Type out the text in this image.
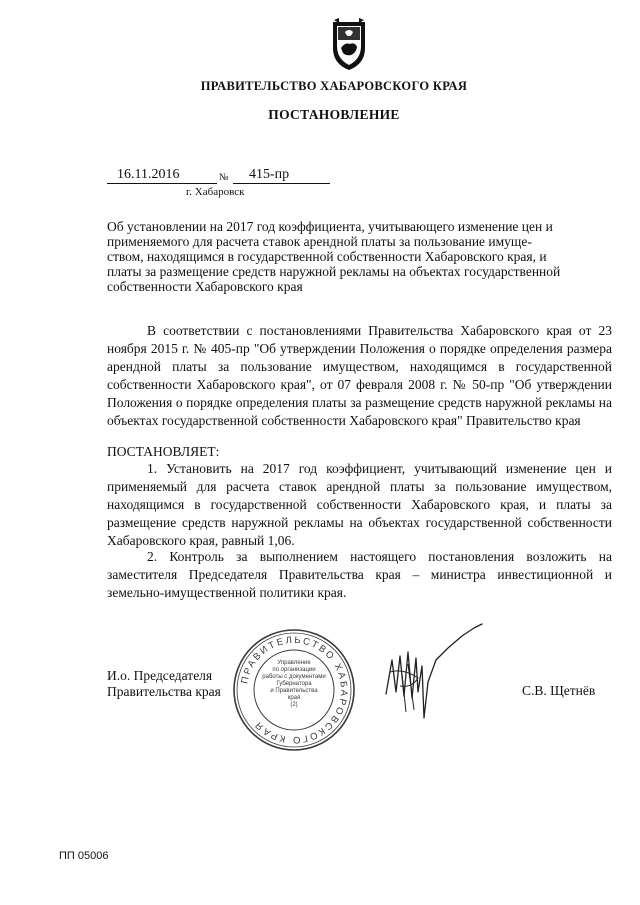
ПРАВИТЕЛЬСТВО ХАБАРОВСКОГО КРАЯ
ПОСТАНОВЛЕНИЕ
16.11.2016	№	415-пр
г. Хабаровск
Об установлении на 2017 год коэффициента, учитывающего изменение цен и
применяемого для расчета ставок арендной платы за пользование имуще-
ством, находящимся в государственной собственности Хабаровского края, и
платы за размещение средств наружной рекламы на объектах государственной
собственности Хабаровского края
В соответствии с постановлениями Правительства Хабаровского края от 23 ноября 2015 г. № 405-пр "Об утверждении Положения о порядке определения размера арендной платы за пользование имуществом, находящимся в государственной собственности Хабаровского края", от 07 февраля 2008 г. № 50-пр "Об утверждении Положения о порядке определения платы за размещение средств наружной рекламы на объектах государственной собственности Хабаровского края" Правительство края
ПОСТАНОВЛЯЕТ:
1. Установить на 2017 год коэффициент, учитывающий изменение цен и применяемый для расчета ставок арендной платы за пользование имуществом, находящимся в государственной собственности Хабаровского края, и платы за размещение средств наружной рекламы на объектах государственной собственности Хабаровского края, равный 1,06.
2. Контроль за выполнением настоящего постановления возложить на заместителя Председателя Правительства края – министра инвестиционной и земельно-имущественной политики края.
И.о. Председателя
Правительства края
ПРАВИТЕЛЬСТВО ХАБАРОВСКОГО КРАЯ
Управление
по организации
работы с документами
Губернатора
и Правительства
края
(2)
С.В. Щетнёв
ПП 05006
